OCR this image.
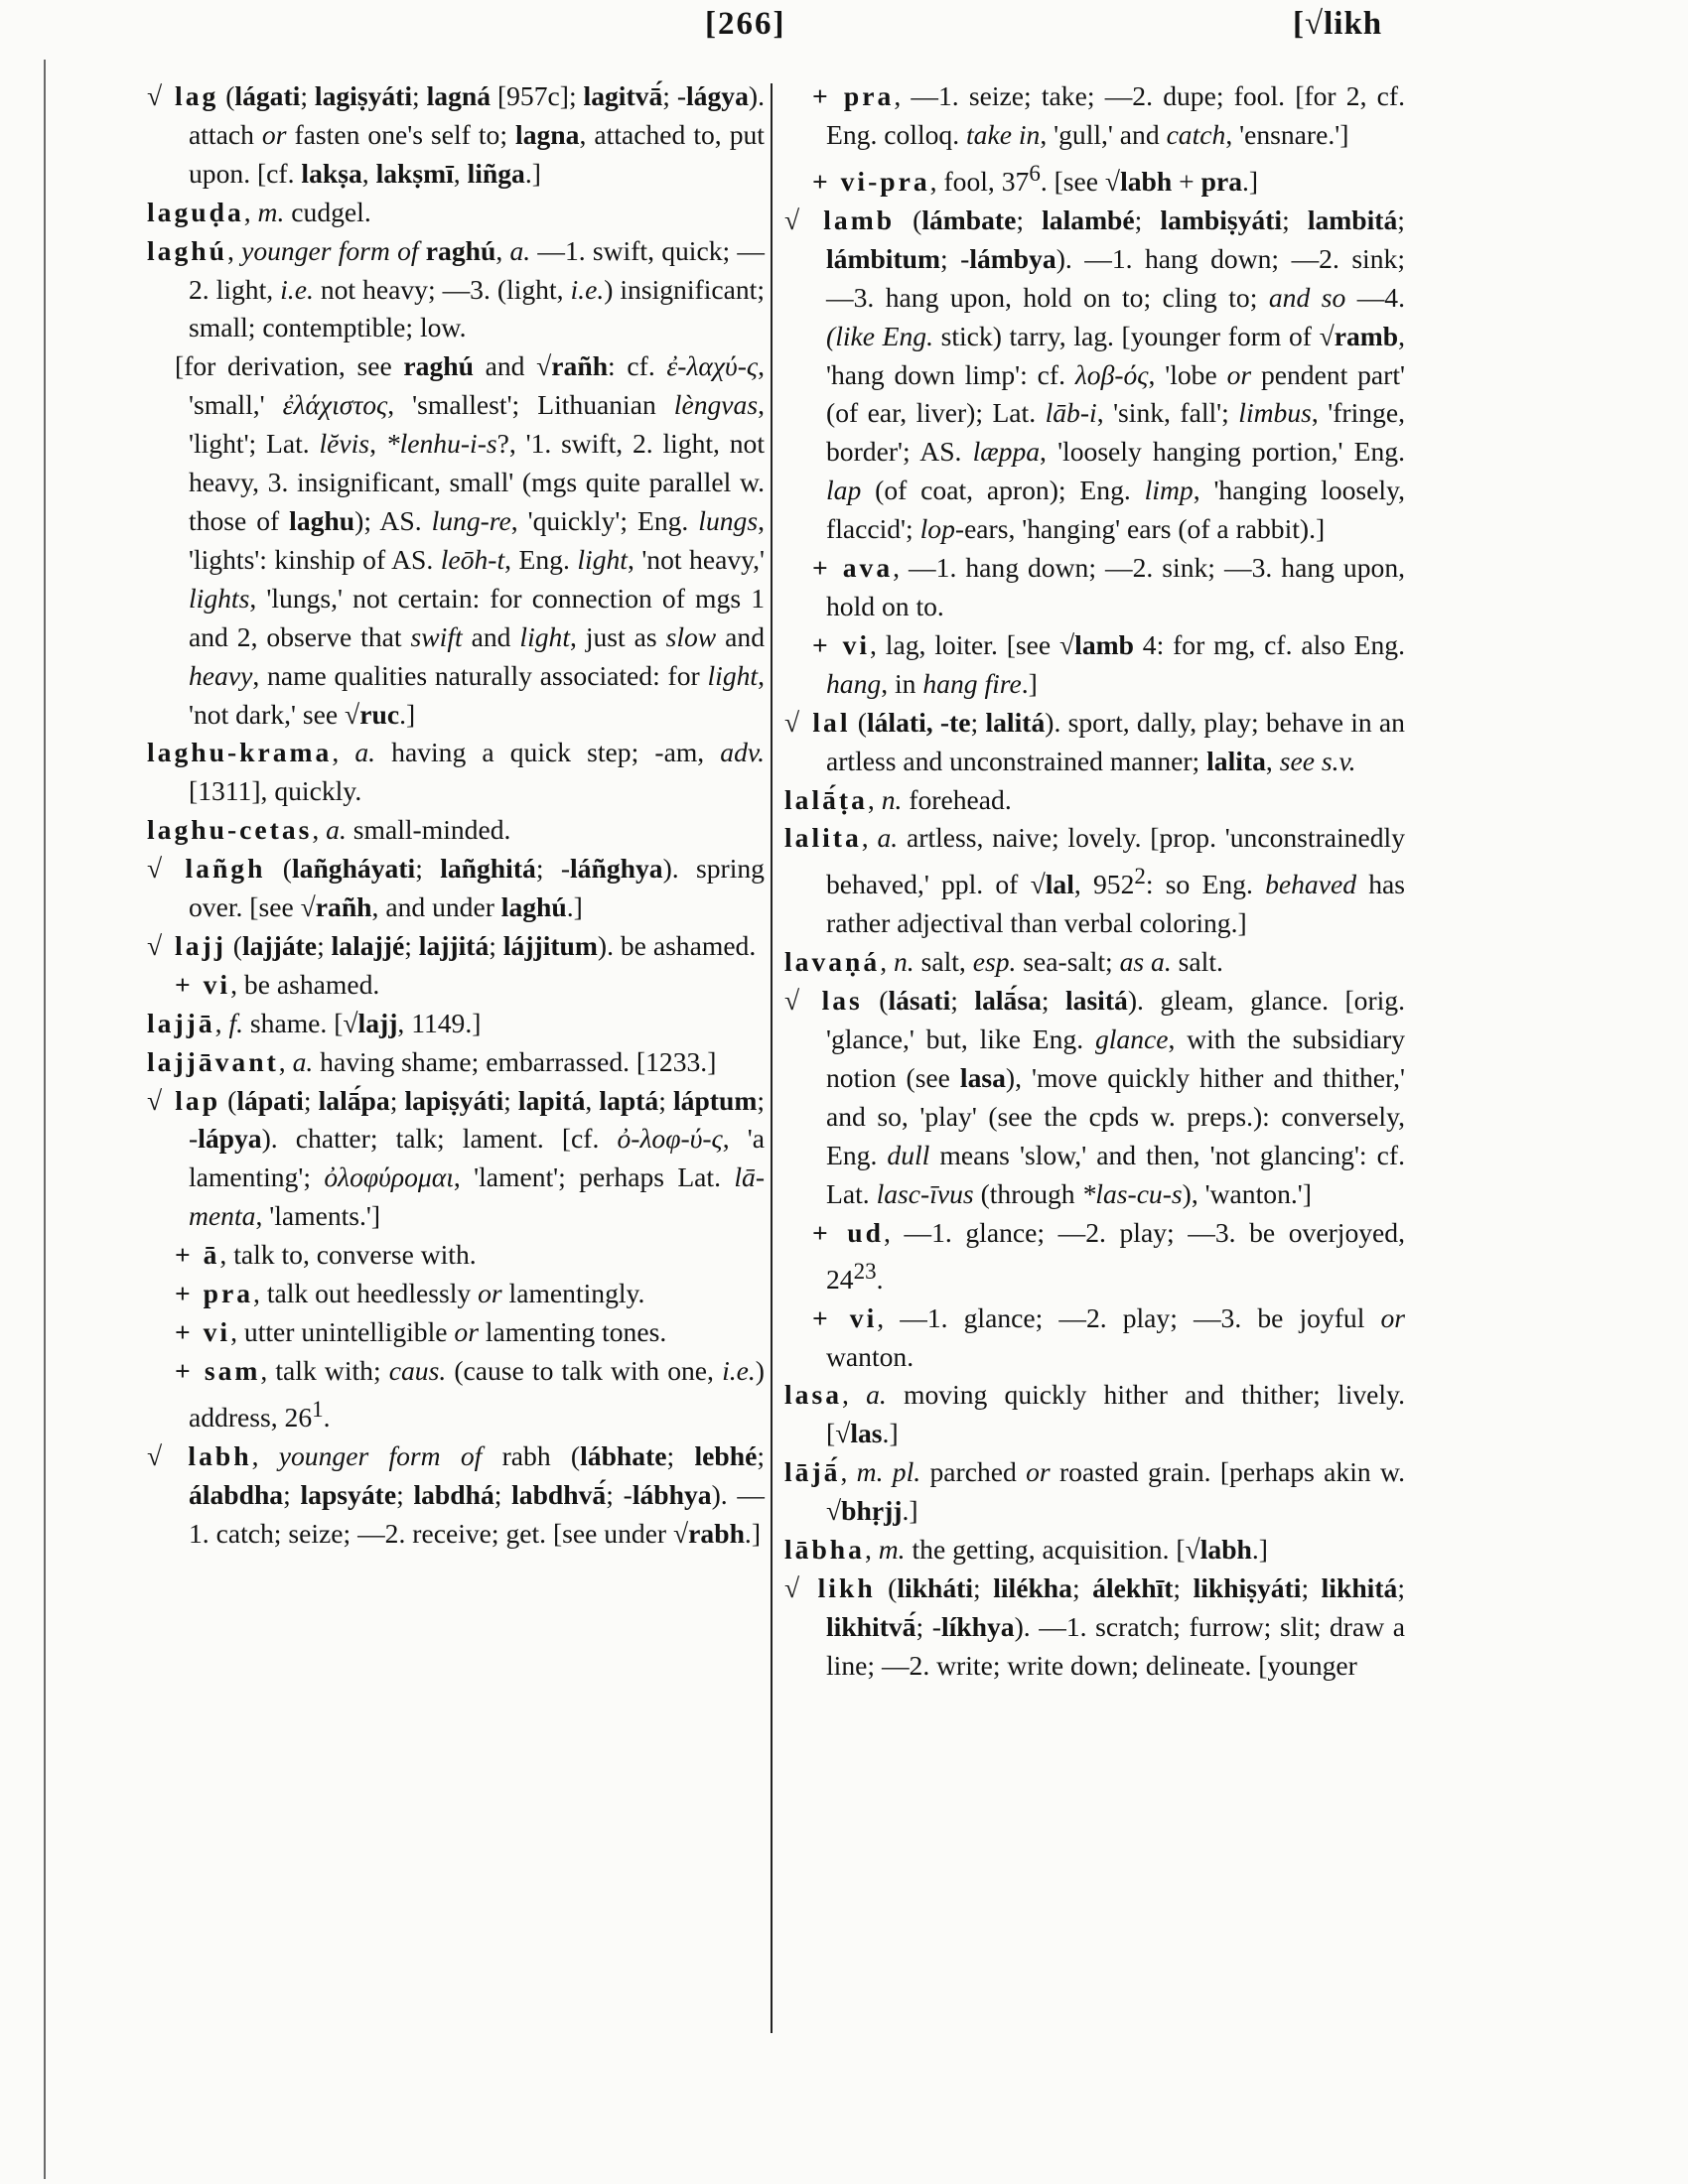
[266]	[√likh

√ lag (lágati; lagiṣyáti; lagná [957c]; lagitvā́; -lágya). attach or fasten one's self to; lagna, attached to, put upon. [cf. lakṣa, lakṣmī, liñga.]

laguḍa, m. cudgel.

laghú, younger form of raghú, a. —1. swift, quick; —2. light, i.e. not heavy; —3. (light, i.e.) insignificant; small; contemptible; low.

[for derivation, see raghú and √rañh: cf. ἐ-λαχύ-ς, 'small,' ἐλάχιστος, 'smallest'; Lithuanian lèngvas, 'light'; Lat. lĕvis, *lenhu-i-s?, '1. swift, 2. light, not heavy, 3. insignificant, small' (mgs quite parallel w. those of laghu); AS. lung-re, 'quickly'; Eng. lungs, 'lights': kinship of AS. leōh-t, Eng. light, 'not heavy,' lights, 'lungs,' not certain: for connection of mgs 1 and 2, observe that swift and light, just as slow and heavy, name qualities naturally associated: for light, 'not dark,' see √ruc.]

laghu-krama, a. having a quick step; -am, adv. [1311], quickly.

laghu-cetas, a. small-minded.

√ lañgh (lañgháyati; lañghitá; -láñghya). spring over. [see √rañh, and under laghú.]

√ lajj (lajjáte; lalajjé; lajjitá; lájjitum). be ashamed.

+ vi, be ashamed.

lajjā, f. shame. [√lajj, 1149.]

lajjāvant, a. having shame; embarrassed. [1233.]

√ lap (lápati; lalā́pa; lapiṣyáti; lapitá, laptá; láptum; -lápya). chatter; talk; lament. [cf. ὀ-λοφ-ύ-ς, 'a lamenting'; ὀλοφύρομαι, 'lament'; perhaps Lat. lā-menta, 'laments.']

+ ā, talk to, converse with.

+ pra, talk out heedlessly or lamentingly.

+ vi, utter unintelligible or lamenting tones.

+ sam, talk with; caus. (cause to talk with one, i.e.) address, $26^1$.

√ labh, younger form of rabh (lábhate; lebhé; álabdha; lapsyáte; labdhá; labdhvā́; -lábhya). —1. catch; seize; —2. receive; get. [see under √rabh.]

+ pra, —1. seize; take; —2. dupe; fool. [for 2, cf. Eng. colloq. take in, 'gull,' and catch, 'ensnare.']

+ vi-pra, fool, $37^6$. [see √labh + pra.]

√ lamb (lámbate; lalambé; lambiṣyáti; lambitá; lámbitum; -lámbya). —1. hang down; —2. sink; —3. hang upon, hold on to; cling to; and so —4. (like Eng. stick) tarry, lag. [younger form of √ramb, 'hang down limp': cf. λοβ-ός, 'lobe or pendent part' (of ear, liver); Lat. lāb-i, 'sink, fall'; limbus, 'fringe, border'; AS. læppa, 'loosely hanging portion,' Eng. lap (of coat, apron); Eng. limp, 'hanging loosely, flaccid'; lop-ears, 'hanging' ears (of a rabbit).]

+ ava, —1. hang down; —2. sink; —3. hang upon, hold on to.

+ vi, lag, loiter. [see √lamb 4: for mg, cf. also Eng. hang, in hang fire.]

√ lal (lálati, -te; lalitá). sport, dally, play; behave in an artless and unconstrained manner; lalita, see s.v.

lalā́ṭa, n. forehead.

lalita, a. artless, naive; lovely. [prop. 'unconstrainedly behaved,' ppl. of √lal, $952^2$: so Eng. behaved has rather adjectival than verbal coloring.]

lavaṇá, n. salt, esp. sea-salt; as a. salt.

√ las (lásati; lalā́sa; lasitá). gleam, glance. [orig. 'glance,' but, like Eng. glance, with the subsidiary notion (see lasa), 'move quickly hither and thither,' and so, 'play' (see the cpds w. preps.): conversely, Eng. dull means 'slow,' and then, 'not glancing': cf. Lat. lasc-īvus (through *las-cu-s), 'wanton.']

+ ud, —1. glance; —2. play; —3. be overjoyed, $24^{23}$.

+ vi, —1. glance; —2. play; —3. be joyful or wanton.

lasa, a. moving quickly hither and thither; lively. [√las.]

lājā́, m. pl. parched or roasted grain. [perhaps akin w. √bhṛjj.]

lābha, m. the getting, acquisition. [√labh.]

√ likh (likháti; lilékha; álekhīt; likhiṣyáti; likhitá; likhitvā́; -líkhya). —1. scratch; furrow; slit; draw a line; —2. write; write down; delineate. [younger
